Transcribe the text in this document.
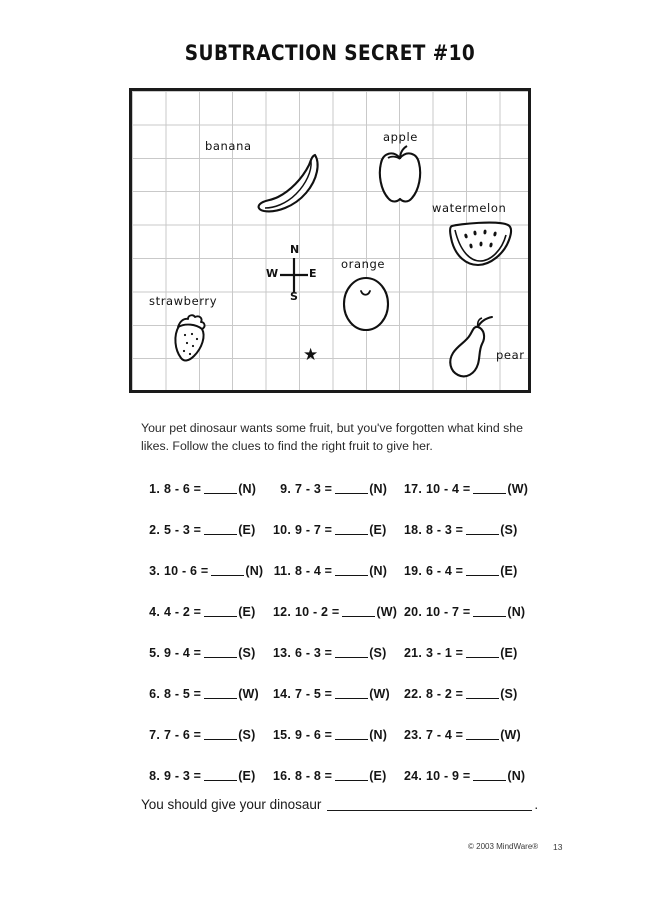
SUBTRACTION SECRET #10
banana
apple
watermelon
orange
strawberry
pear
N
S
E
W
★
Your pet dinosaur wants some fruit, but you've forgotten what kind she likes. Follow the clues to find the right fruit to give her.
1. 8 - 6 =	(N)	9. 7 - 3 =	(N) 17. 10 - 4 =	(W)
2. 5 - 3 =	(E) 10. 9 - 7 =	(E) 18. 8 - 3 =	(S)
3. 10 - 6 =	(N) 11. 8 - 4 =	(N) 19. 6 - 4 =	(E)
4. 4 - 2 =	(E) 12. 10 - 2 =	(W) 20. 10 - 7 =	(N)
5. 9 - 4 =	(S) 13. 6 - 3 =	(S) 21. 3 - 1 =	(E)
6. 8 - 5 =	(W) 14. 7 - 5 =	(W) 22. 8 - 2 =	(S)
7. 7 - 6 =	(S) 15. 9 - 6 =	(N) 23. 7 - 4 =	(W)
8. 9 - 3 =	(E) 16. 8 - 8 =	(E) 24. 10 - 9 =	(N)
You should give your dinosaur	.
© 2003 MindWare® 13
